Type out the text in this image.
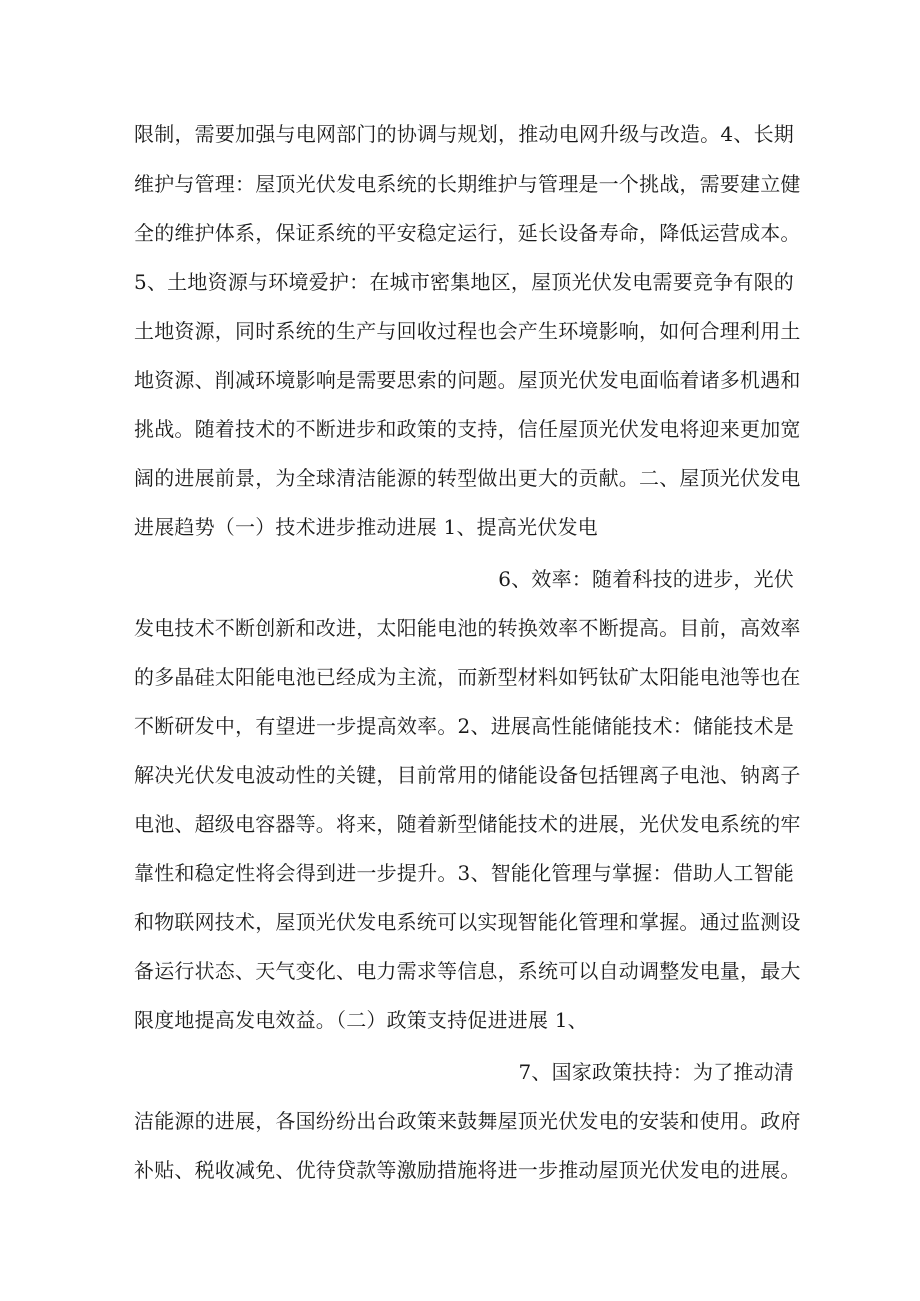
限制，需要加强与电网部门的协调与规划，推动电网升级与改造。4、长期
维护与管理：屋顶光伏发电系统的长期维护与管理是一个挑战，需要建立健
全的维护体系，保证系统的平安稳定运行，延长设备寿命，降低运营成本。
5、土地资源与环境爱护：在城市密集地区，屋顶光伏发电需要竞争有限的
土地资源，同时系统的生产与回收过程也会产生环境影响，如何合理利用土
地资源、削减环境影响是需要思索的问题。屋顶光伏发电面临着诸多机遇和
挑战。随着技术的不断进步和政策的支持，信任屋顶光伏发电将迎来更加宽
阔的进展前景，为全球清洁能源的转型做出更大的贡献。二、屋顶光伏发电
进展趋势（一）技术进步推动进展 1、提高光伏发电
6、效率：随着科技的进步，光伏
发电技术不断创新和改进，太阳能电池的转换效率不断提高。目前，高效率
的多晶硅太阳能电池已经成为主流，而新型材料如钙钛矿太阳能电池等也在
不断研发中，有望进一步提高效率。2、进展高性能储能技术：储能技术是
解决光伏发电波动性的关键，目前常用的储能设备包括锂离子电池、钠离子
电池、超级电容器等。将来，随着新型储能技术的进展，光伏发电系统的牢
靠性和稳定性将会得到进一步提升。3、智能化管理与掌握：借助人工智能
和物联网技术，屋顶光伏发电系统可以实现智能化管理和掌握。通过监测设
备运行状态、天气变化、电力需求等信息，系统可以自动调整发电量，最大
限度地提高发电效益。（二）政策支持促进进展 1、
7、国家政策扶持：为了推动清
洁能源的进展，各国纷纷出台政策来鼓舞屋顶光伏发电的安装和使用。政府
补贴、税收减免、优待贷款等激励措施将进一步推动屋顶光伏发电的进展。
